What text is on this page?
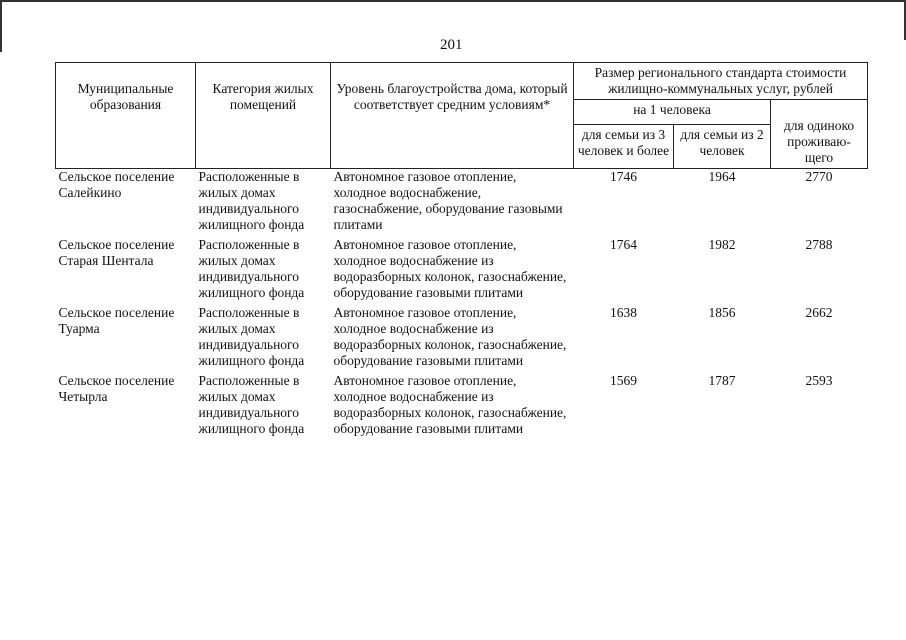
201
Муниципальные образования	Категория жилых помещений	Уровень благоустройства дома, который соответствует средним условиям*	Размер регионального стандарта стоимости жилищно-коммунальных услуг, рублей		
			на 1 человека		для одиноко проживаю-щего
			для семьи из 3 человек и более	для семьи из 2 человек	
Сельское поселение Салейкино	Расположенные в жилых домах индивидуального жилищного фонда	Автономное газовое отопление, холодное водоснабжение, газоснабжение, оборудование газовыми плитами	1746	1964	2770
Сельское поселение Старая Шентала	Расположенные в жилых домах индивидуального жилищного фонда	Автономное газовое отопление, холодное водоснабжение из водоразборных колонок, газоснабжение, оборудование газовыми плитами	1764	1982	2788
Сельское поселение Туарма	Расположенные в жилых домах индивидуального жилищного фонда	Автономное газовое отопление, холодное водоснабжение из водоразборных колонок, газоснабжение, оборудование газовыми плитами	1638	1856	2662
Сельское поселение Четырла	Расположенные в жилых домах индивидуального жилищного фонда	Автономное газовое отопление, холодное водоснабжение из водоразборных колонок, газоснабжение, оборудование газовыми плитами	1569	1787	2593
